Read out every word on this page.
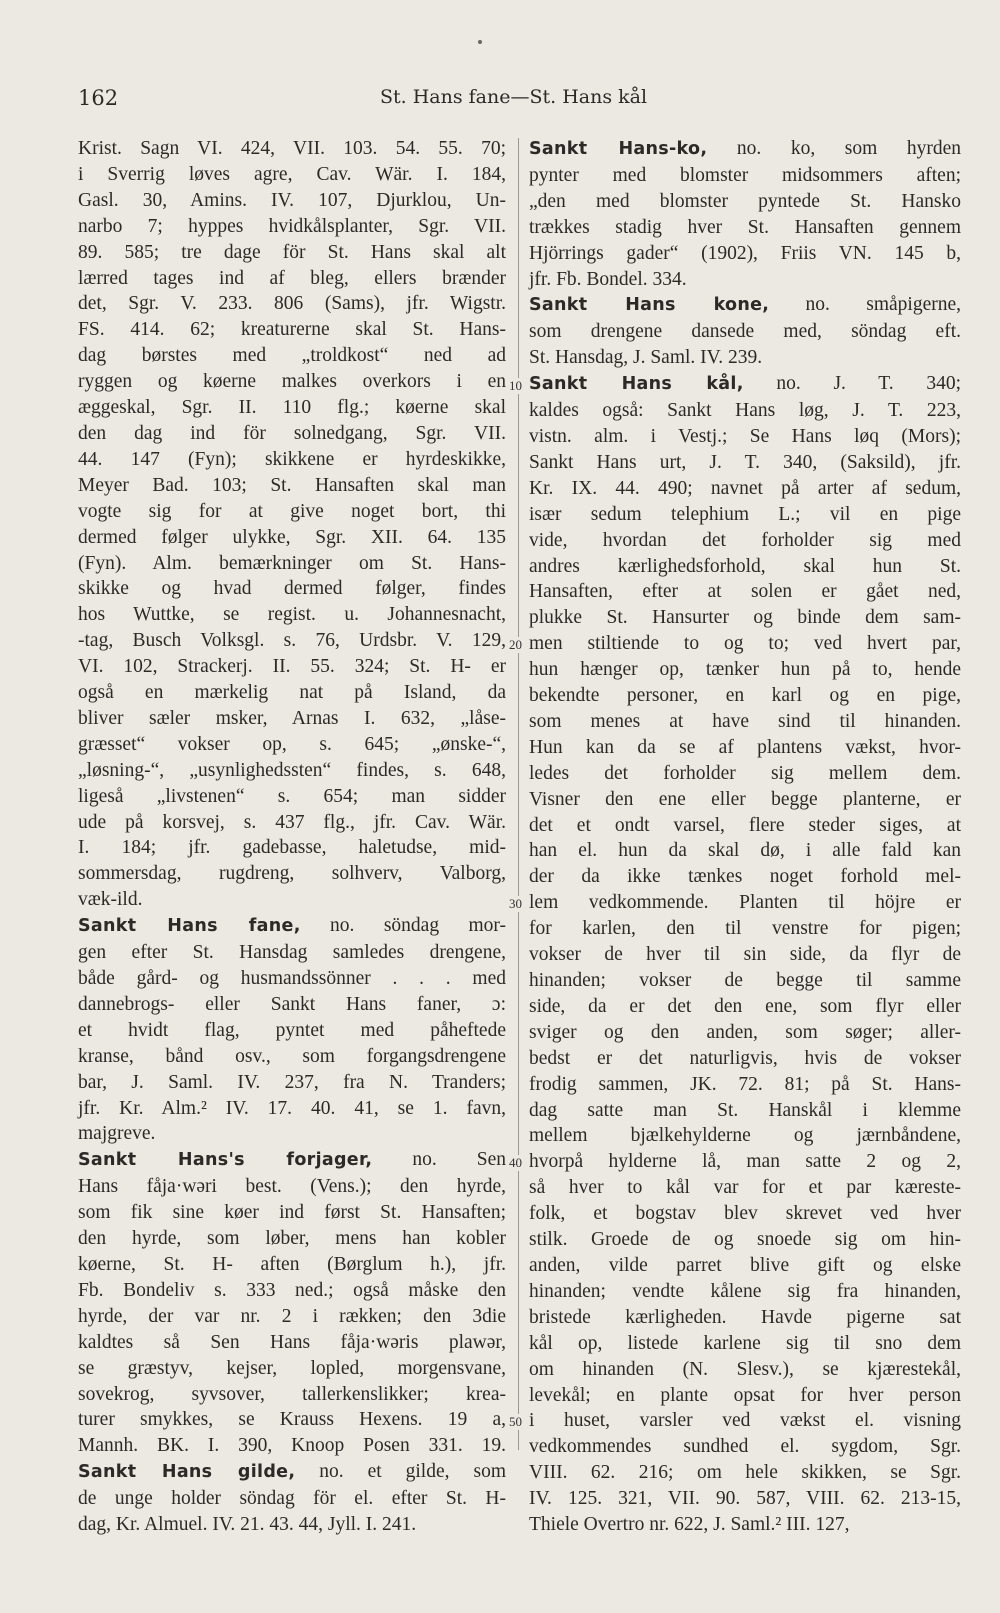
162	St. Hans fane—St. Hans kål
10
20
30
40
50
Krist. Sagn VI. 424, VII. 103. 54. 55. 70;
i Sverrig løves agre, Cav. Wär. I. 184,
Gasl. 30, Amins. IV. 107, Djurklou, Un-
narbo 7; hyppes hvidkålsplanter, Sgr. VII.
89. 585; tre dage för St. Hans skal alt
lærred tages ind af bleg, ellers brænder
det, Sgr. V. 233. 806 (Sams), jfr. Wigstr.
FS. 414. 62; kreaturerne skal St. Hans-
dag børstes med „troldkost“ ned ad
ryggen og køerne malkes overkors i en
æggeskal, Sgr. II. 110 flg.; køerne skal
den dag ind för solnedgang, Sgr. VII.
44. 147 (Fyn); skikkene er hyrdeskikke,
Meyer Bad. 103; St. Hansaften skal man
vogte sig for at give noget bort, thi
dermed følger ulykke, Sgr. XII. 64. 135
(Fyn). Alm. bemærkninger om St. Hans-
skikke og hvad dermed følger, findes
hos Wuttke, se regist. u. Johannesnacht,
-tag, Busch Volksgl. s. 76, Urdsbr. V. 129,
VI. 102, Strackerj. II. 55. 324; St. H- er
også en mærkelig nat på Island, da
bliver sæler msker, Arnas I. 632, „låse-
græsset“ vokser op, s. 645; „ønske-“,
„løsning-“, „usynlighedssten“ findes, s. 648,
ligeså „livstenen“ s. 654; man sidder
ude på korsvej, s. 437 flg., jfr. Cav. Wär.
I. 184; jfr. gadebasse, haletudse, mid-
sommersdag, rugdreng, solhverv, Valborg,
væk-ild.
Sankt Hans fane, no. söndag mor-
gen efter St. Hansdag samledes drengene,
både gård- og husmandssönner . . . med
dannebrogs- eller Sankt Hans faner, ɔ:
et hvidt flag, pyntet med påheftede
kranse, bånd osv., som forgangsdrengene
bar, J. Saml. IV. 237, fra N. Tranders;
jfr. Kr. Alm.² IV. 17. 40. 41, se 1. favn,
majgreve.
Sankt Hans's forjager, no. Sen
Hans fåja·wəri best. (Vens.); den hyrde,
som fik sine køer ind først St. Hansaften;
den hyrde, som løber, mens han kobler
køerne, St. H- aften (Børglum h.), jfr.
Fb. Bondeliv s. 333 ned.; også måske den
hyrde, der var nr. 2 i rækken; den 3die
kaldtes så Sen Hans fåja·wəris plawər,
se græstyv, kejser, lopled, morgensvane,
sovekrog, syvsover, tallerkenslikker; krea-
turer smykkes, se Krauss Hexens. 19 a,
Mannh. BK. I. 390, Knoop Posen 331. 19.
Sankt Hans gilde, no. et gilde, som
de unge holder söndag för el. efter St. H-
dag, Kr. Almuel. IV. 21. 43. 44, Jyll. I. 241.
Sankt Hans-ko, no. ko, som hyrden
pynter med blomster midsommers aften;
„den med blomster pyntede St. Hansko
trækkes stadig hver St. Hansaften gennem
Hjörrings gader“ (1902), Friis VN. 145 b,
jfr. Fb. Bondel. 334.
Sankt Hans kone, no. småpigerne,
som drengene dansede med, söndag eft.
St. Hansdag, J. Saml. IV. 239.
Sankt Hans kål, no. J. T. 340;
kaldes også: Sankt Hans løg, J. T. 223,
vistn. alm. i Vestj.; Se Hans løq (Mors);
Sankt Hans urt, J. T. 340, (Saksild), jfr.
Kr. IX. 44. 490; navnet på arter af sedum,
især sedum telephium L.; vil en pige
vide, hvordan det forholder sig med
andres kærlighedsforhold, skal hun St.
Hansaften, efter at solen er gået ned,
plukke St. Hansurter og binde dem sam-
men stiltiende to og to; ved hvert par,
hun hænger op, tænker hun på to, hende
bekendte personer, en karl og en pige,
som menes at have sind til hinanden.
Hun kan da se af plantens vækst, hvor-
ledes det forholder sig mellem dem.
Visner den ene eller begge planterne, er
det et ondt varsel, flere steder siges, at
han el. hun da skal dø, i alle fald kan
der da ikke tænkes noget forhold mel-
lem vedkommende. Planten til höjre er
for karlen, den til venstre for pigen;
vokser de hver til sin side, da flyr de
hinanden; vokser de begge til samme
side, da er det den ene, som flyr eller
sviger og den anden, som søger; aller-
bedst er det naturligvis, hvis de vokser
frodig sammen, JK. 72. 81; på St. Hans-
dag satte man St. Hanskål i klemme
mellem bjælkehylderne og jærnbåndene,
hvorpå hylderne lå, man satte 2 og 2,
så hver to kål var for et par kæreste-
folk, et bogstav blev skrevet ved hver
stilk. Groede de og snoede sig om hin-
anden, vilde parret blive gift og elske
hinanden; vendte kålene sig fra hinanden,
bristede kærligheden. Havde pigerne sat
kål op, listede karlene sig til sno dem
om hinanden (N. Slesv.), se kjærestekål,
levekål; en plante opsat for hver person
i huset, varsler ved vækst el. visning
vedkommendes sundhed el. sygdom, Sgr.
VIII. 62. 216; om hele skikken, se Sgr.
IV. 125. 321, VII. 90. 587, VIII. 62. 213-15,
Thiele Overtro nr. 622, J. Saml.² III. 127,
